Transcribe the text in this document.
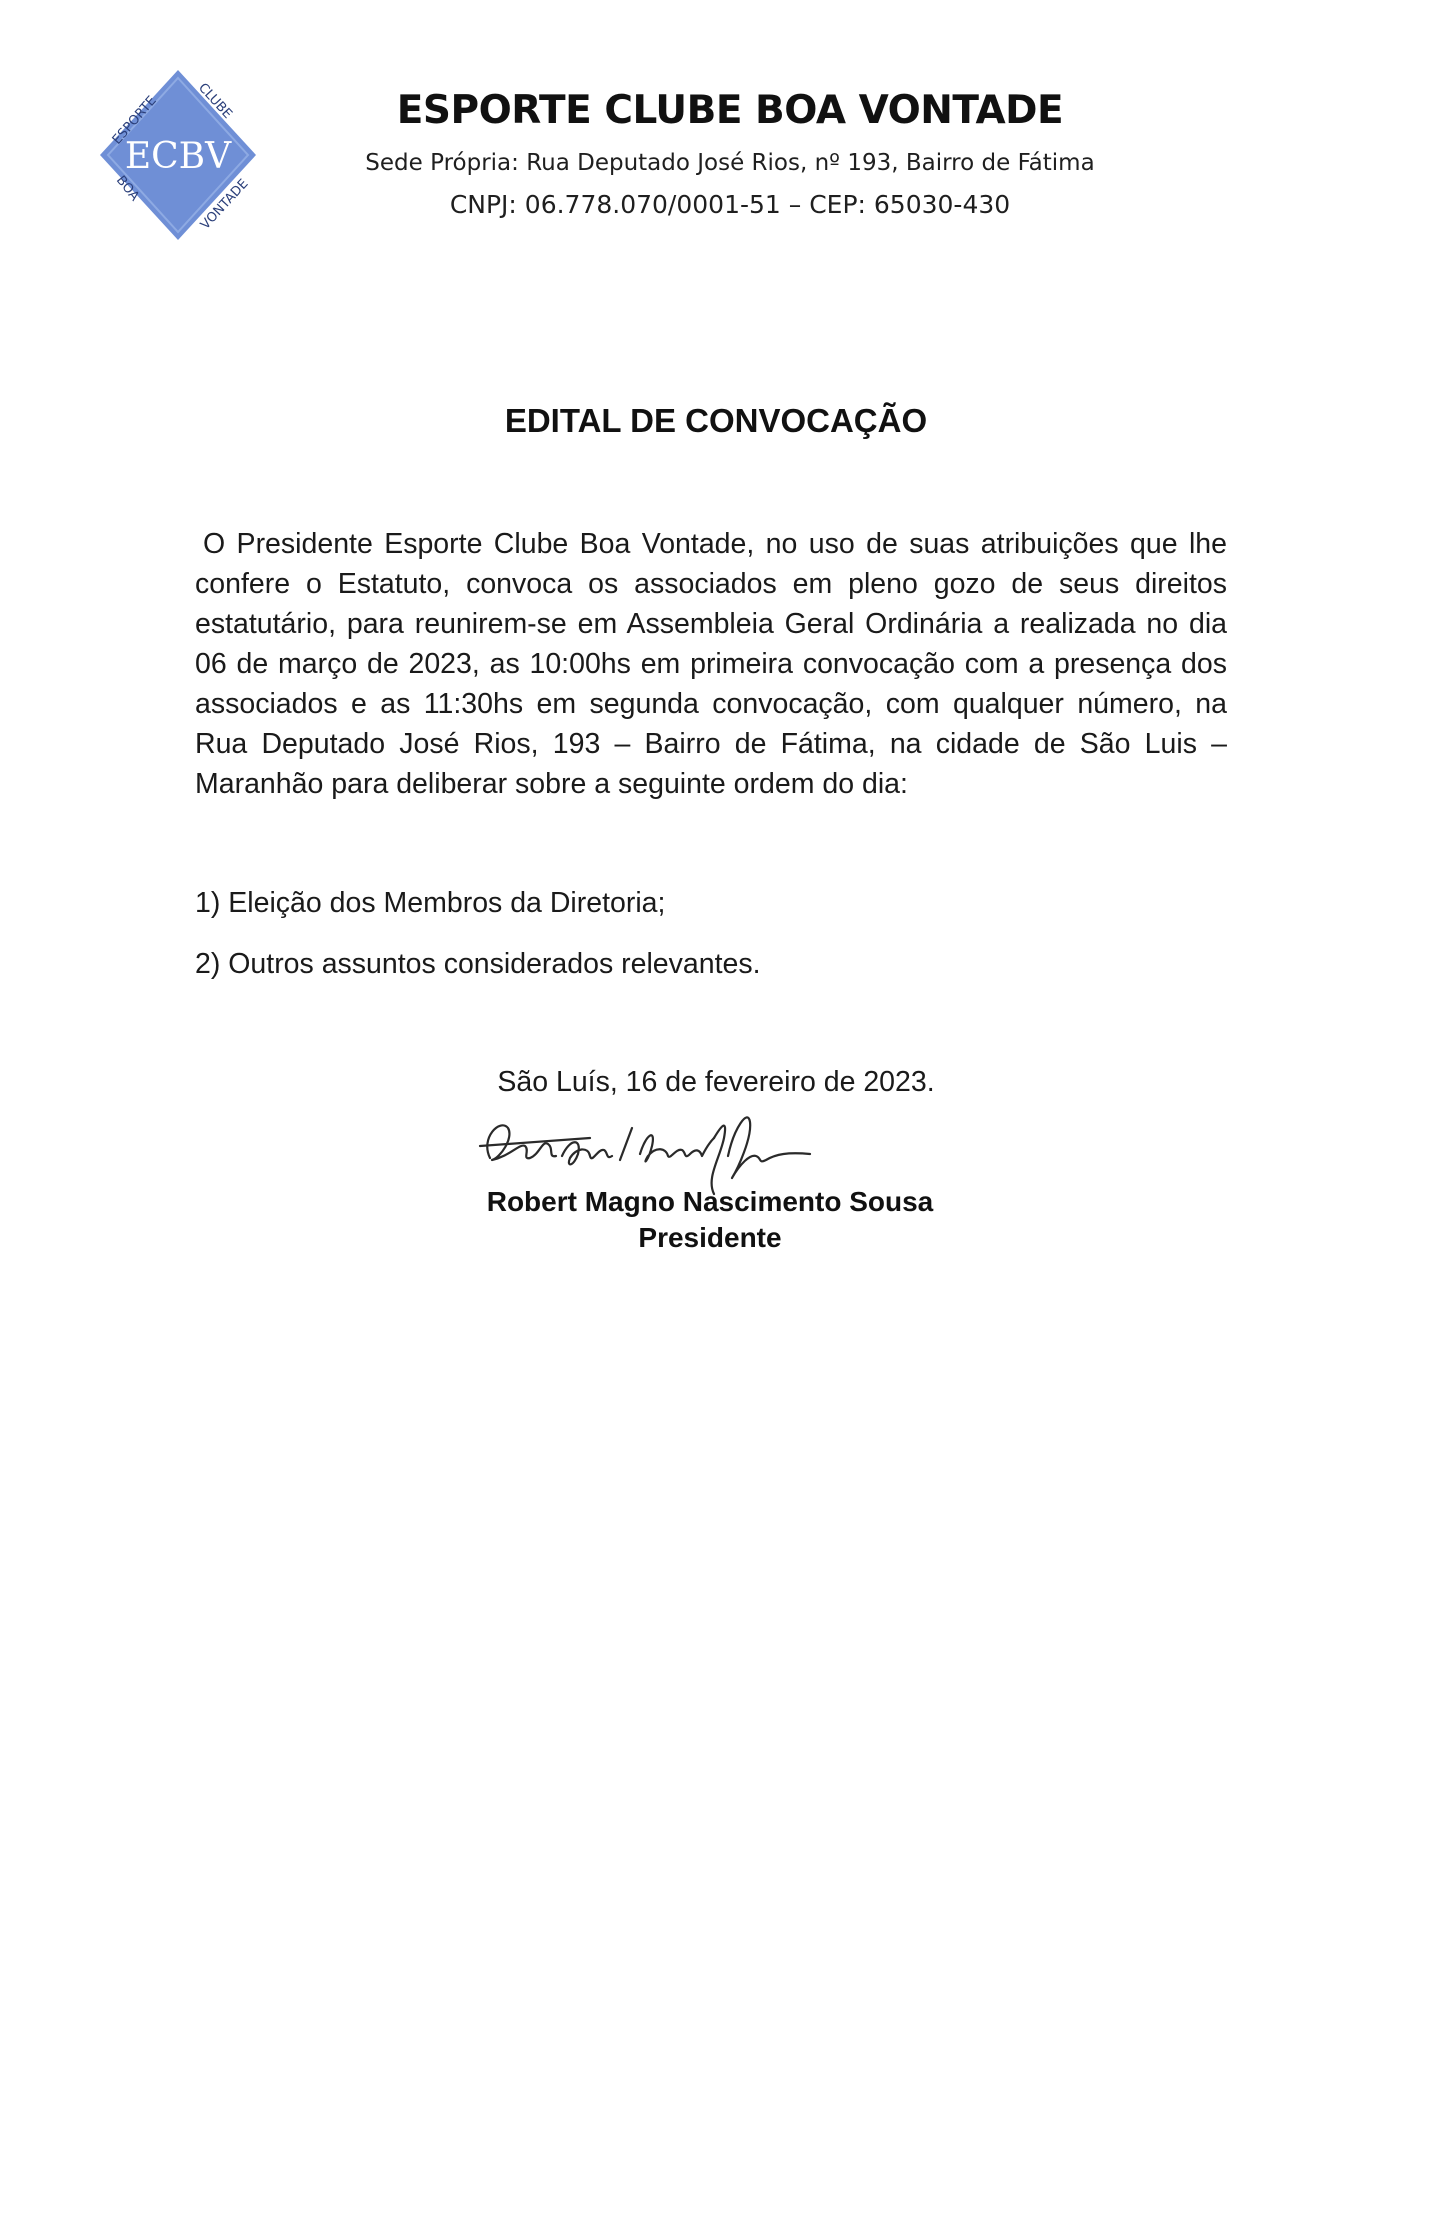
ECBV
ESPORTE
CLUBE
BOA
VONTADE
ESPORTE CLUBE BOA VONTADE
Sede Própria: Rua Deputado José Rios, nº 193, Bairro de Fátima
CNPJ: 06.778.070/0001-51 – CEP: 65030-430
EDITAL DE CONVOCAÇÃO
O Presidente Esporte Clube Boa Vontade, no uso de suas atribuições que lhe confere o Estatuto, convoca os associados em pleno gozo de seus direitos estatutário, para reunirem-se em Assembleia Geral Ordinária a realizada no dia 06 de março de 2023, as 10:00hs em primeira convocação com a presença dos associados e as 11:30hs em segunda convocação, com qualquer número, na Rua Deputado José Rios, 193 – Bairro de Fátima, na cidade de São Luis – Maranhão para deliberar sobre a seguinte ordem do dia:
1) Eleição dos Membros da Diretoria;
2) Outros assuntos considerados relevantes.
São Luís, 16 de fevereiro de 2023.
Robert Magno Nascimento Sousa
Presidente
